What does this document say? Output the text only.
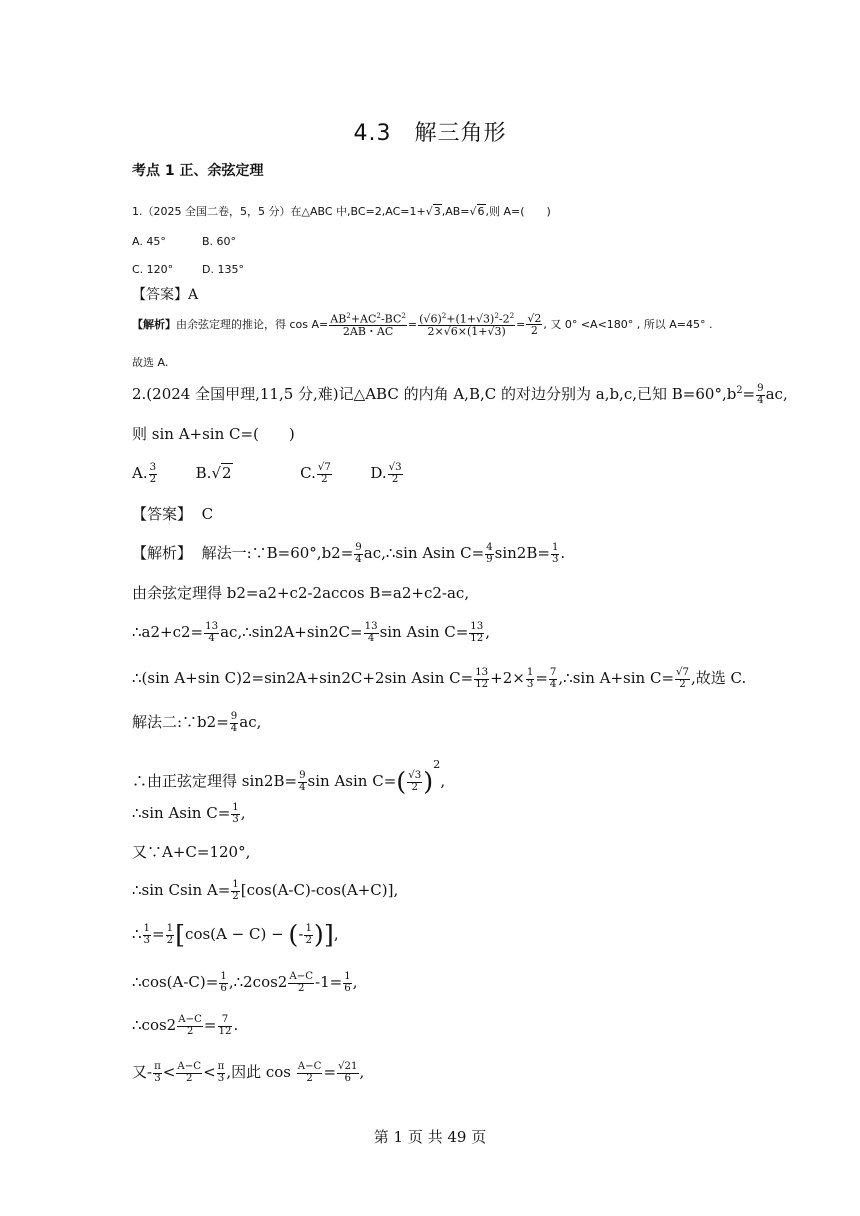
4.3　解三角形
考点 1 正、余弦定理
1.（2025 全国二卷，5，5 分）在△ABC 中,BC=2,AC=1+√3,AB=√6,则 A=(　　)
A. 45°	B. 60°
C. 120°	D. 135°
【答案】A
【解析】由余弦定理的推论，得 $\cos A= \frac{AB^2+AC^2-BC^2}{2AB・AC} = \frac{(√6)^2+(1+√3)^2-2^2}{2\times√6\times(1+√3)} = \frac{√2}{2}$ , 又 0° <A<180° , 所以 A=45° .
故选 A.
2.(2024 全国甲理,11,5 分,难)记△ABC 的内角 A,B,C 的对边分别为 a,b,c,已知 $B=60^\circ,b^2= \frac{9}{4}$ ac,
则 sin A+sin C=(　　)
A. $\frac{3}{2}$	B.√2	C. $\frac{√7}{2}$	D. $\frac{√3}{2}$
【答案】 C
【解析】 解法一:∵B=60°,b2= $\frac{9}{4}$ ac,∴sin Asin $C= \frac{4}{9} \sin 2B= \frac{1}{3}$ .
由余弦定理得 b2=a2+c2-2accos B=a2+c2-ac,
∴a2+c2= $\frac{13}{4}$ ac,∴sin2A+sin2C= $\frac{13}{4}$ sin Asin $C= \frac{13}{12}$ ,
∴(sin A+sin C)2=sin2A+sin2C+2sin Asin $C= \frac{13}{12} +2\times \frac{1}{3} = \frac{7}{4}$ ,∴sin A+sin $C= \frac{√7}{2}$ ,故选 C.
解法二:∵b2= $\frac{9}{4}$ ac,
∴由正弦定理得 $\sin 2B= \frac{9}{4}$ sin Asin $C=( \frac{√3}{2} )^2$,
∴sin Asin $C= \frac{1}{3}$ ,
又∵A+C=120°,
∴sin Csin $A= \frac{1}{2} [\cos(A-C)-\cos(A+C)]$,
∴ $\frac{1}{3} = \frac{1}{2} [\cos(A - C)$ − (- $\frac{1}{2}$ )],
∴cos(A-C)= $\frac{1}{6}$ ,∴2cos2 $\frac{A-C}{2} -1= \frac{1}{6}$ ,
∴cos2 $\frac{A-C}{2} = \frac{7}{12}$ .
又- $\frac{\pi}{3} < \frac{A-C}{2} < \frac{\pi}{3}$ ,因此 $\cos \frac{A-C}{2} = \frac{√21}{6}$ ,
第 1 页 共 49 页
